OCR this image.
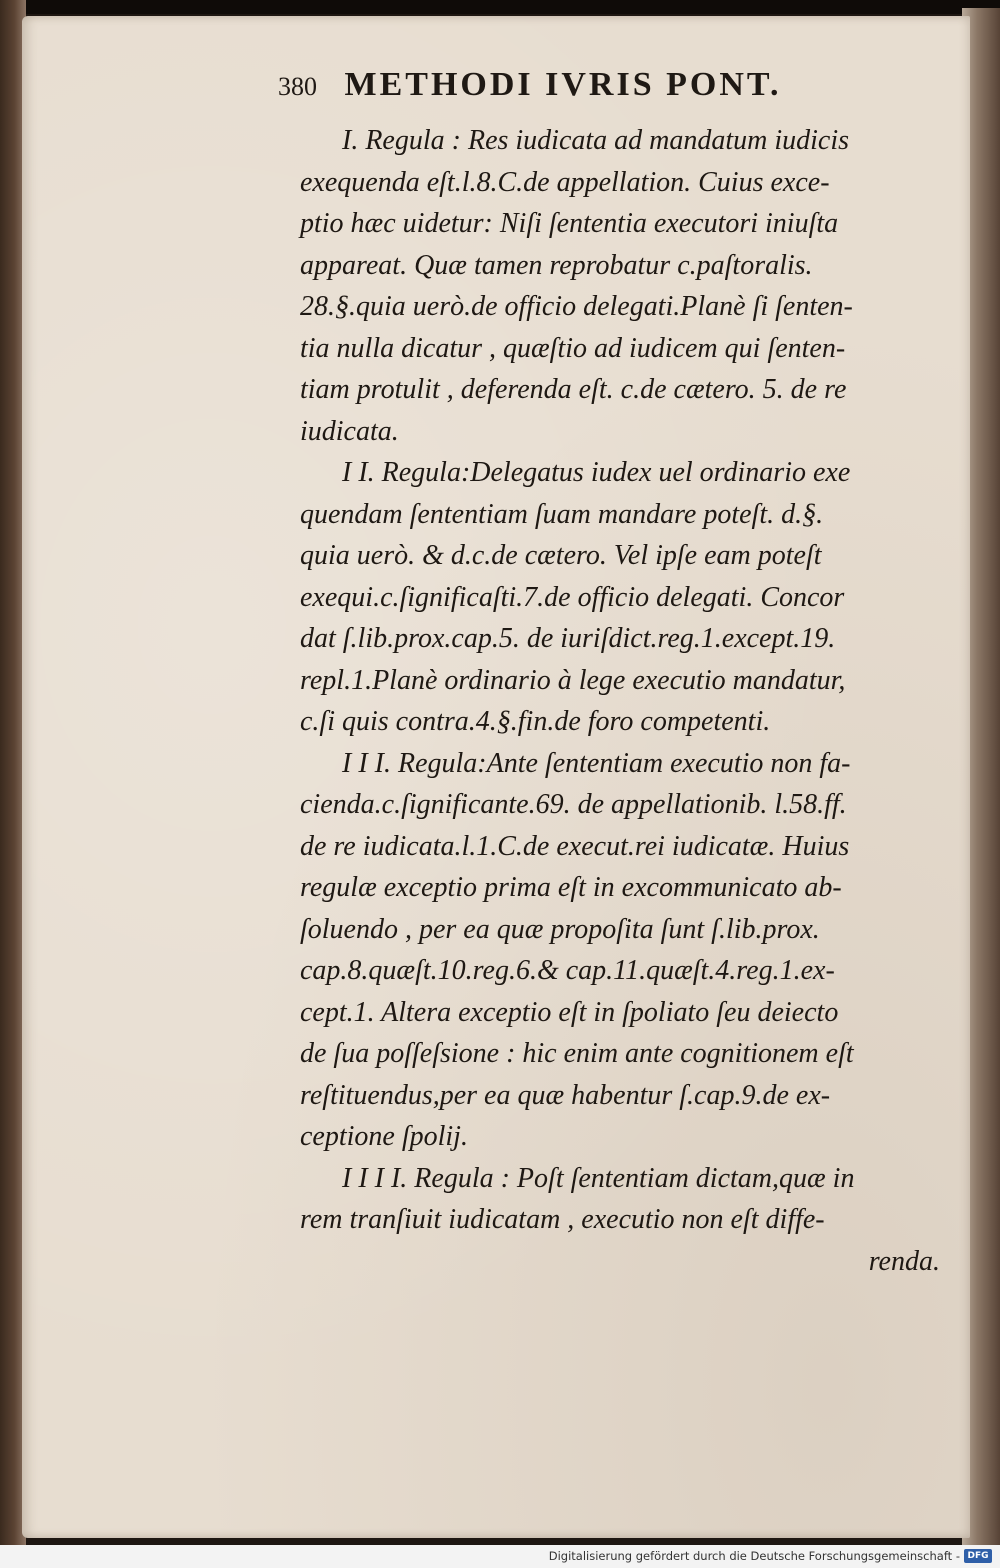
380 METHODI IVRIS PONT.
I. Regula : Res iudicata ad mandatum iudicis
exequenda eſt.l.8.C.de appellation. Cuius exce-
ptio hæc uidetur: Niſi ſententia executori iniuſta
appareat. Quæ tamen reprobatur c.paſtoralis.
28.§.quia uerò.de officio delegati.Planè ſi ſenten-
tia nulla dicatur , quæſtio ad iudicem qui ſenten-
tiam protulit , deferenda eſt. c.de cætero. 5. de re
iudicata.
I I. Regula:Delegatus iudex uel ordinario exe
quendam ſententiam ſuam mandare poteſt. d.§.
quia uerò. & d.c.de cætero. Vel ipſe eam poteſt
exequi.c.ſignificaſti.7.de officio delegati. Concor
dat ſ.lib.prox.cap.5. de iuriſdict.reg.1.except.19.
repl.1.Planè ordinario à lege executio mandatur,
c.ſi quis contra.4.§.fin.de foro competenti.
I I I. Regula:Ante ſententiam executio non fa-
cienda.c.ſignificante.69. de appellationib. l.58.ff.
de re iudicata.l.1.C.de execut.rei iudicatæ. Huius
regulæ exceptio prima eſt in excommunicato ab-
ſoluendo , per ea quæ propoſita ſunt ſ.lib.prox.
cap.8.quæſt.10.reg.6.& cap.11.quæſt.4.reg.1.ex-
cept.1. Altera exceptio eſt in ſpoliato ſeu deiecto
de ſua poſſeſsione : hic enim ante cognitionem eſt
reſtituendus,per ea quæ habentur ſ.cap.9.de ex-
ceptione ſpolij.
I I I I. Regula : Poſt ſententiam dictam,quæ in
rem tranſiuit iudicatam , executio non eſt diffe-
renda.
Digitalisierung gefördert durch die Deutsche Forschungsgemeinschaft - DFG
